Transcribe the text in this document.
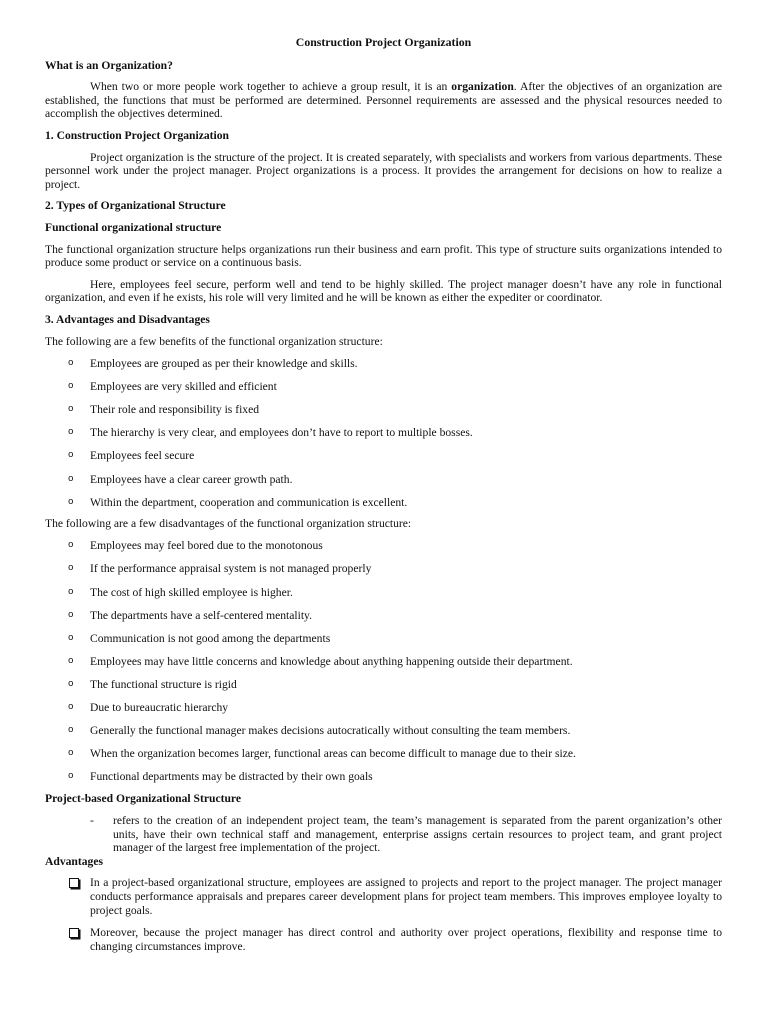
Construction Project Organization
What is an Organization?

When two or more people work together to achieve a group result, it is an organization. After the objectives of an organization are established, the functions that must be performed are determined. Personnel requirements are assessed and the physical resources needed to accomplish the objectives determined.

1. Construction Project Organization

Project organization is the structure of the project. It is created separately, with specialists and workers from various departments. These personnel work under the project manager. Project organizations is a process. It provides the arrangement for decisions on how to realize a project.

2. Types of Organizational Structure
Functional organizational structure

The functional organization structure helps organizations run their business and earn profit. This type of structure suits organizations intended to produce some product or service on a continuous basis.

Here, employees feel secure, perform well and tend to be highly skilled. The project manager doesn’t have any role in functional organization, and even if he exists, his role will very limited and he will be known as either the expediter or coordinator.

3. Advantages and Disadvantages

The following are a few benefits of the functional organization structure:

o Employees are grouped as per their knowledge and skills.
o Employees are very skilled and efficient
o Their role and responsibility is fixed
o The hierarchy is very clear, and employees don’t have to report to multiple bosses.
o Employees feel secure
o Employees have a clear career growth path.
o Within the department, cooperation and communication is excellent.

The following are a few disadvantages of the functional organization structure:

o Employees may feel bored due to the monotonous
o If the performance appraisal system is not managed properly
o The cost of high skilled employee is higher.
o The departments have a self-centered mentality.
o Communication is not good among the departments
o Employees may have little concerns and knowledge about anything happening outside their department.
o The functional structure is rigid
o Due to bureaucratic hierarchy
o Generally the functional manager makes decisions autocratically without consulting the team members.
o When the organization becomes larger, functional areas can become difficult to manage due to their size.
o Functional departments may be distracted by their own goals
Project-based Organizational Structure
- refers to the creation of an independent project team, the team’s management is separated from the parent organization’s other units, have their own technical staff and management, enterprise assigns certain resources to project team, and grant project manager of the largest free implementation of the project.
Advantages
In a project-based organizational structure, employees are assigned to projects and report to the project manager. The project manager conducts performance appraisals and prepares career development plans for project team members. This improves employee loyalty to project goals.
Moreover, because the project manager has direct control and authority over project operations, flexibility and response time to changing circumstances improve.
